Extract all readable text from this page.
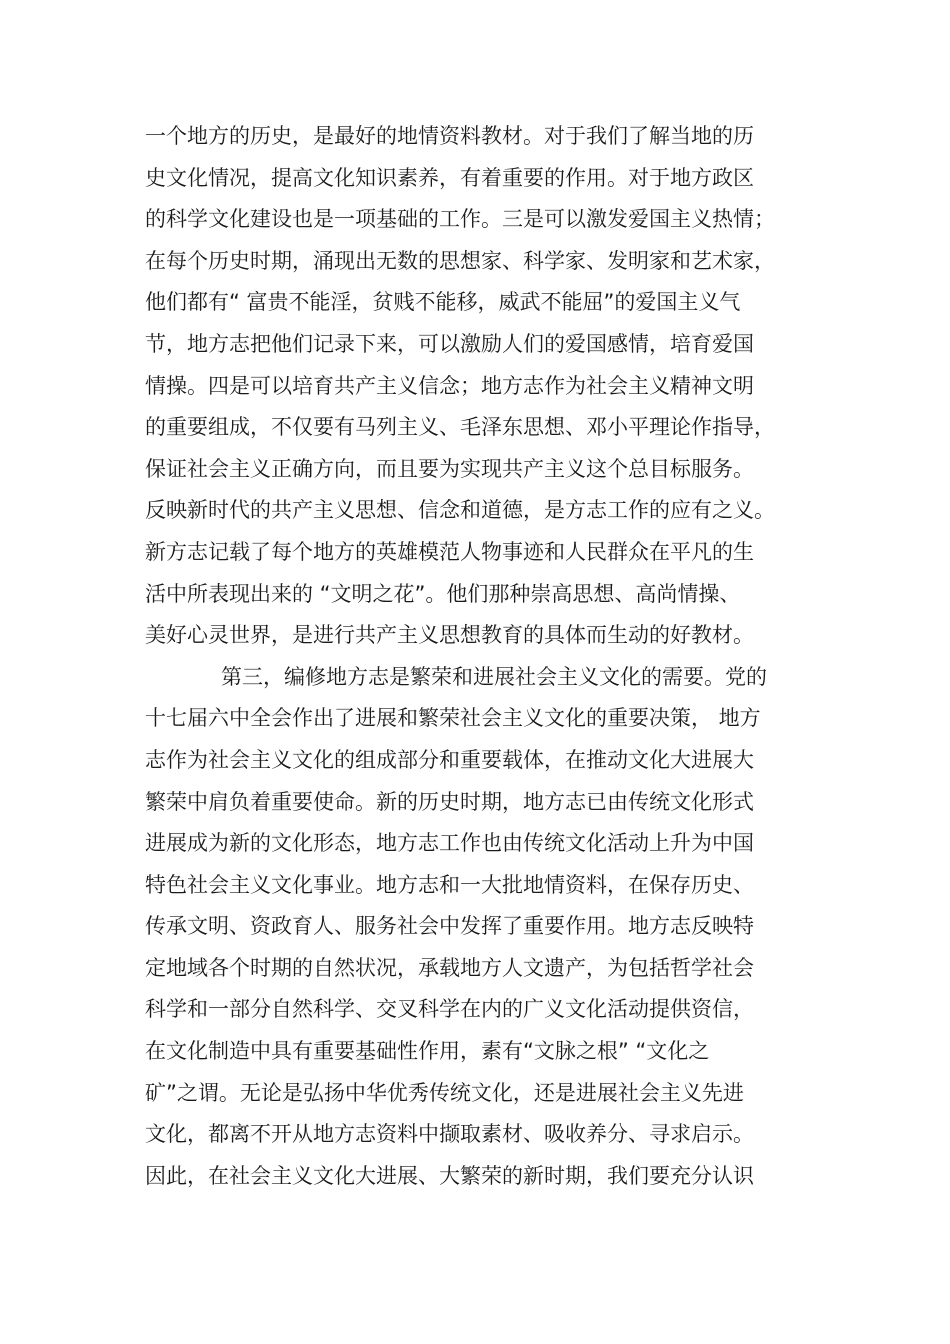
一个地方的历史，是最好的地情资料教材。对于我们了解当地的历
史文化情况，提高文化知识素养，有着重要的作用。对于地方政区
的科学文化建设也是一项基础的工作。三是可以激发爱国主义热情；
在每个历史时期，涌现出无数的思想家、科学家、发明家和艺术家，
他们都有“ 富贵不能淫，贫贱不能移，威武不能屈”的爱国主义气
节，地方志把他们记录下来，可以激励人们的爱国感情，培育爱国
情操。四是可以培育共产主义信念；地方志作为社会主义精神文明
的重要组成，不仅要有马列主义、毛泽东思想、邓小平理论作指导，
保证社会主义正确方向，而且要为实现共产主义这个总目标服务。
反映新时代的共产主义思想、信念和道德，是方志工作的应有之义。
新方志记载了每个地方的英雄模范人物事迹和人民群众在平凡的生
活中所表现出来的 “文明之花”。他们那种崇高思想、高尚情操、
美好心灵世界，是进行共产主义思想教育的具体而生动的好教材。
第三，编修地方志是繁荣和进展社会主义文化的需要。党的
十七届六中全会作出了进展和繁荣社会主义文化的重要决策， 地方
志作为社会主义文化的组成部分和重要载体，在推动文化大进展大
繁荣中肩负着重要使命。新的历史时期，地方志已由传统文化形式
进展成为新的文化形态，地方志工作也由传统文化活动上升为中国
特色社会主义文化事业。地方志和一大批地情资料，在保存历史、
传承文明、资政育人、服务社会中发挥了重要作用。地方志反映特
定地域各个时期的自然状况，承载地方人文遗产，为包括哲学社会
科学和一部分自然科学、交叉科学在内的广义文化活动提供资信，
在文化制造中具有重要基础性作用，素有“文脉之根” “文化之
矿”之谓。无论是弘扬中华优秀传统文化，还是进展社会主义先进
文化，都离不开从地方志资料中撷取素材、吸收养分、寻求启示。
因此，在社会主义文化大进展、大繁荣的新时期，我们要充分认识
